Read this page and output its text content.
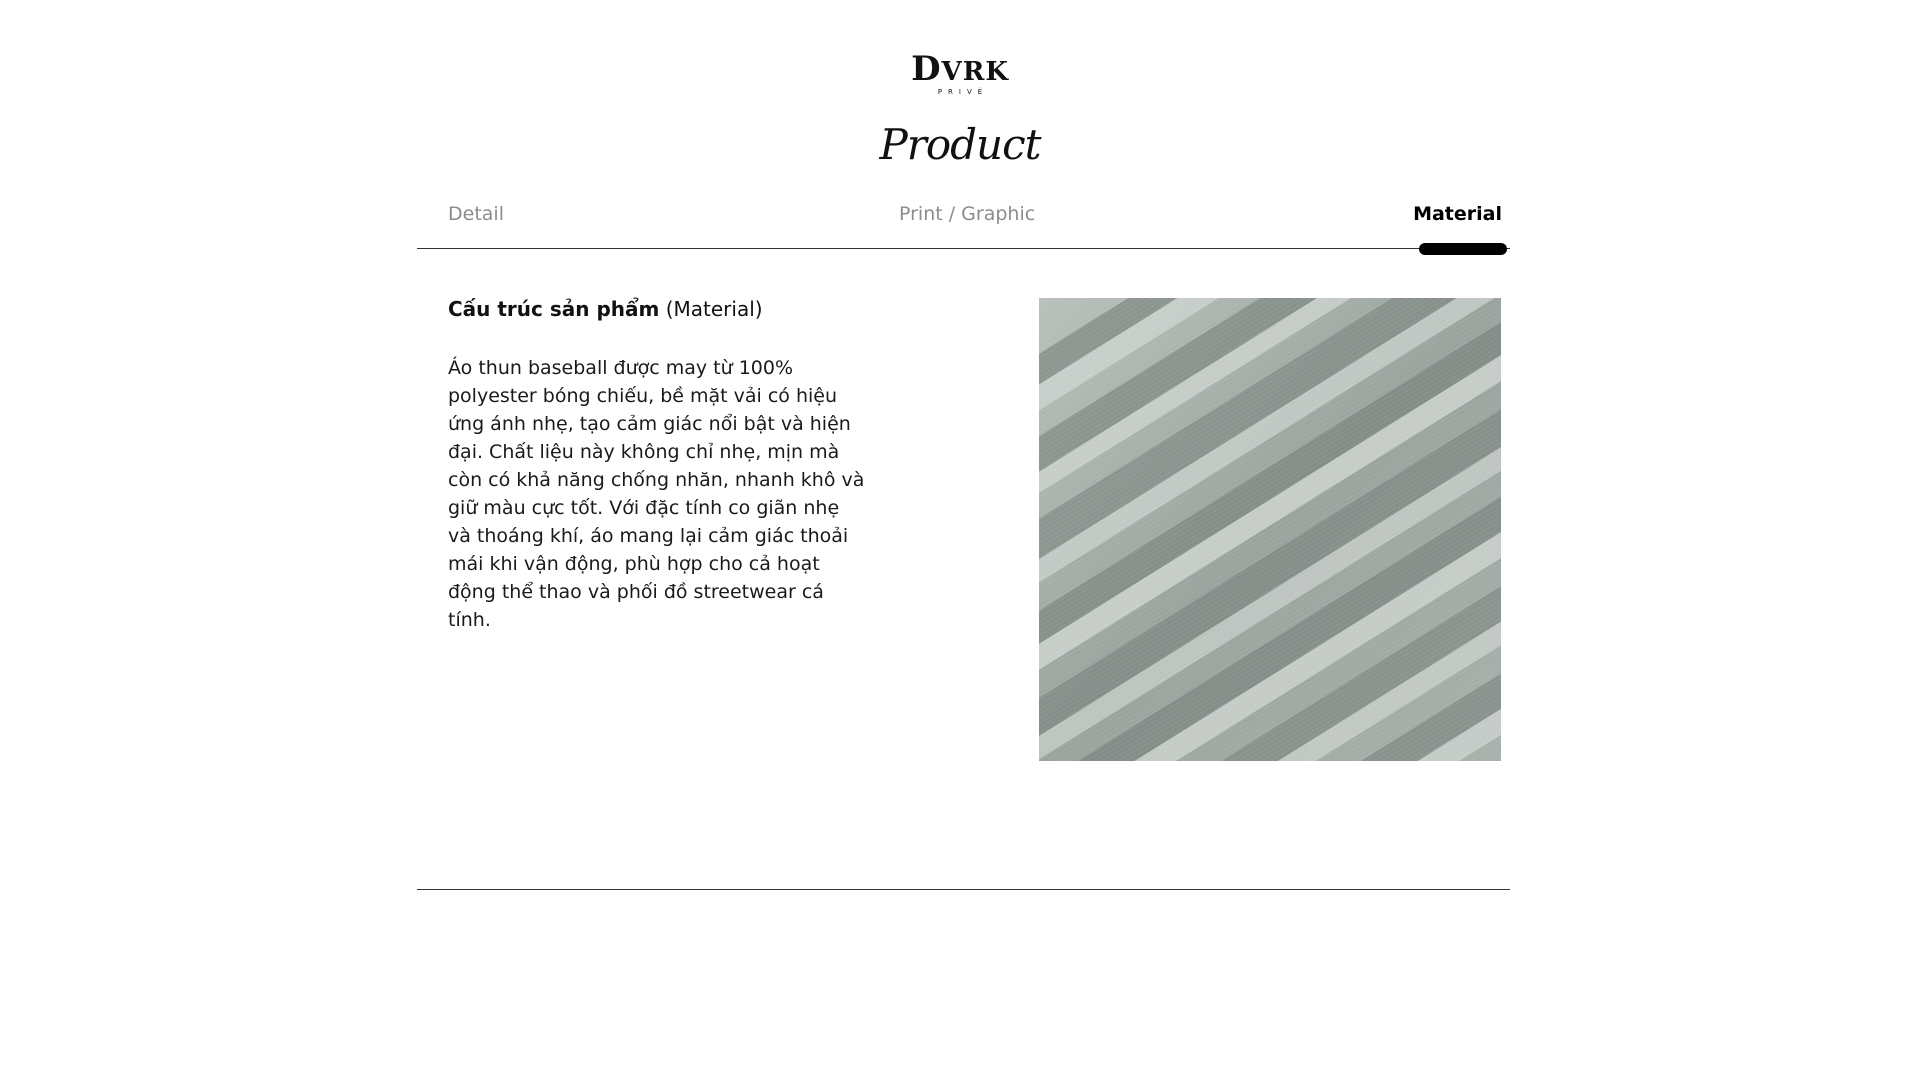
DVRK
PRIVÉ
Product
Detail	Print / Graphic	Material
Cấu trúc sản phẩm (Material)
Áo thun baseball được may từ 100% polyester bóng chiếu, bề mặt vải có hiệu ứng ánh nhẹ, tạo cảm giác nổi bật và hiện đại. Chất liệu này không chỉ nhẹ, mịn mà còn có khả năng chống nhăn, nhanh khô và giữ màu cực tốt. Với đặc tính co giãn nhẹ và thoáng khí, áo mang lại cảm giác thoải mái khi vận động, phù hợp cho cả hoạt động thể thao và phối đồ streetwear cá tính.
